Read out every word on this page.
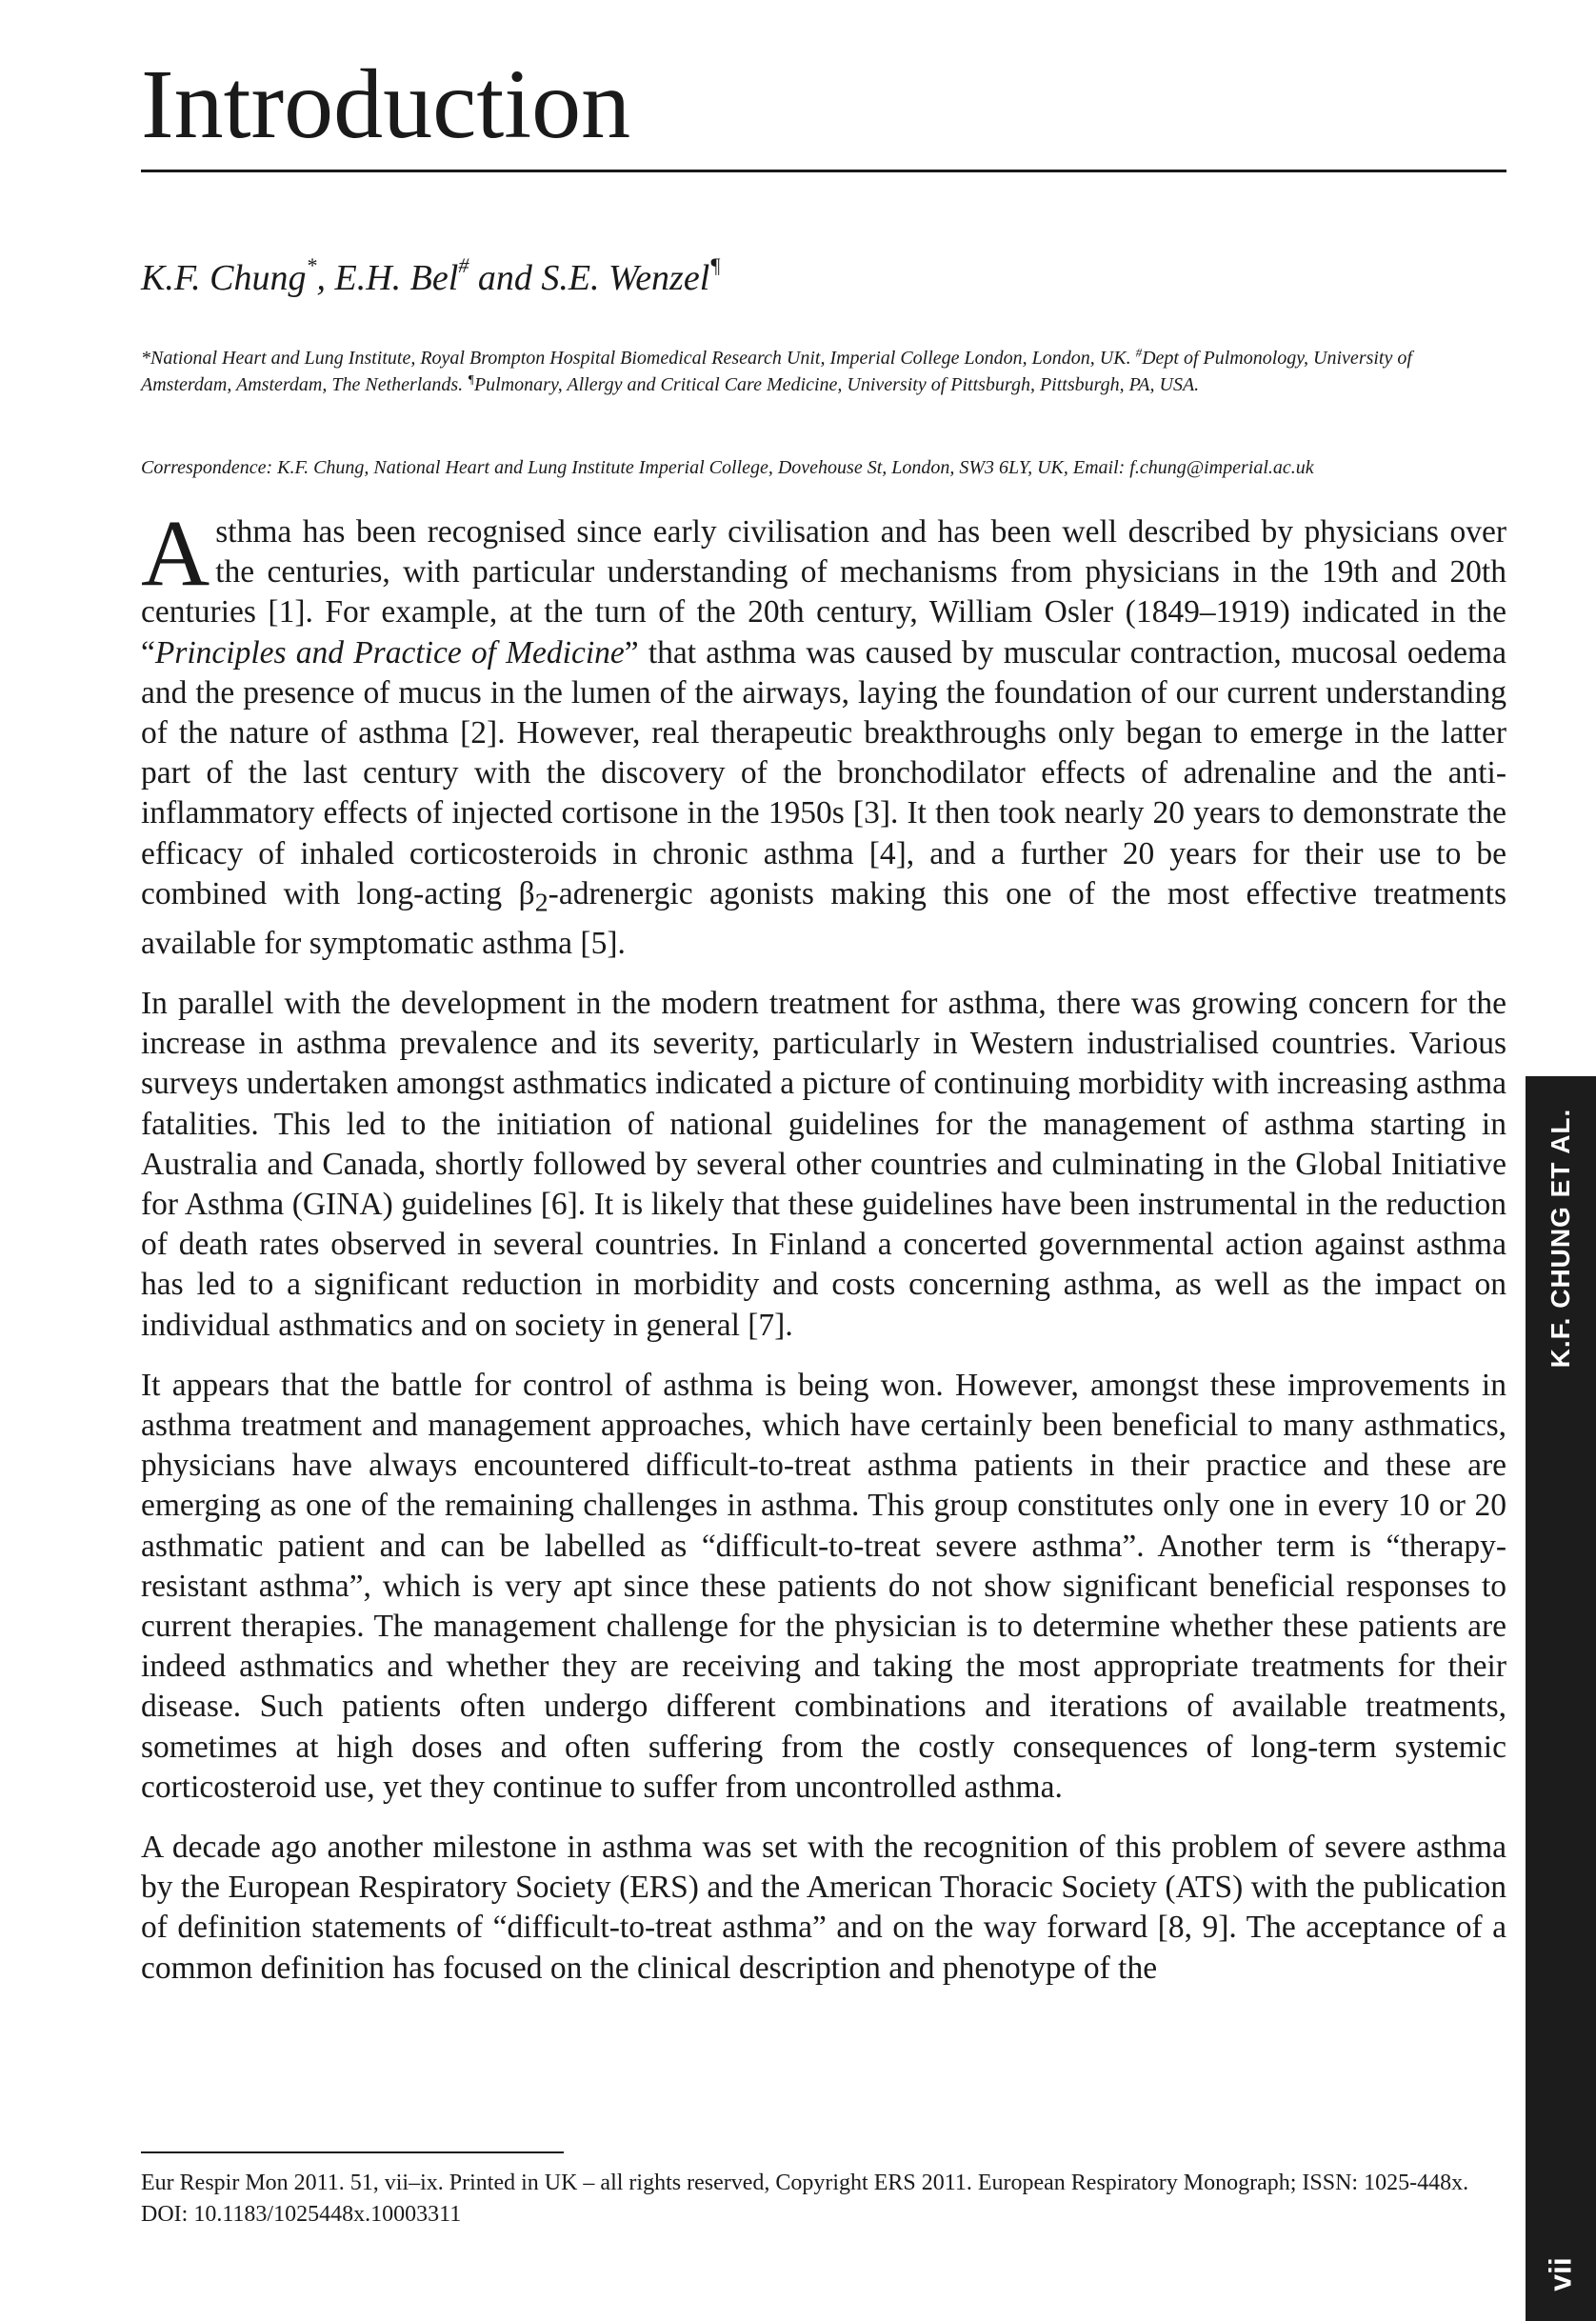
Introduction
K.F. Chung*, E.H. Bel# and S.E. Wenzel¶
*National Heart and Lung Institute, Royal Brompton Hospital Biomedical Research Unit, Imperial College London, London, UK. #Dept of Pulmonology, University of Amsterdam, Amsterdam, The Netherlands. ¶Pulmonary, Allergy and Critical Care Medicine, University of Pittsburgh, Pittsburgh, PA, USA.
Correspondence: K.F. Chung, National Heart and Lung Institute Imperial College, Dovehouse St, London, SW3 6LY, UK, Email: f.chung@imperial.ac.uk

Asthma has been recognised since early civilisation and has been well described by physicians over the centuries, with particular understanding of mechanisms from physicians in the 19th and 20th centuries [1]. For example, at the turn of the 20th century, William Osler (1849–1919) indicated in the “Principles and Practice of Medicine” that asthma was caused by muscular contraction, mucosal oedema and the presence of mucus in the lumen of the airways, laying the foundation of our current understanding of the nature of asthma [2]. However, real therapeutic breakthroughs only began to emerge in the latter part of the last century with the discovery of the bronchodilator effects of adrenaline and the anti-inflammatory effects of injected cortisone in the 1950s [3]. It then took nearly 20 years to demonstrate the efficacy of inhaled corticosteroids in chronic asthma [4], and a further 20 years for their use to be combined with long-acting $\beta_2$-adrenergic agonists making this one of the most effective treatments available for symptomatic asthma [5].

In parallel with the development in the modern treatment for asthma, there was growing concern for the increase in asthma prevalence and its severity, particularly in Western industrialised countries. Various surveys undertaken amongst asthmatics indicated a picture of continuing morbidity with increasing asthma fatalities. This led to the initiation of national guidelines for the management of asthma starting in Australia and Canada, shortly followed by several other countries and culminating in the Global Initiative for Asthma (GINA) guidelines [6]. It is likely that these guidelines have been instrumental in the reduction of death rates observed in several countries. In Finland a concerted governmental action against asthma has led to a significant reduction in morbidity and costs concerning asthma, as well as the impact on individual asthmatics and on society in general [7].

It appears that the battle for control of asthma is being won. However, amongst these improvements in asthma treatment and management approaches, which have certainly been beneficial to many asthmatics, physicians have always encountered difficult-to-treat asthma patients in their practice and these are emerging as one of the remaining challenges in asthma. This group constitutes only one in every 10 or 20 asthmatic patient and can be labelled as “difficult-to-treat severe asthma”. Another term is “therapy-resistant asthma”, which is very apt since these patients do not show significant beneficial responses to current therapies. The management challenge for the physician is to determine whether these patients are indeed asthmatics and whether they are receiving and taking the most appropriate treatments for their disease. Such patients often undergo different combinations and iterations of available treatments, sometimes at high doses and often suffering from the costly consequences of long-term systemic corticosteroid use, yet they continue to suffer from uncontrolled asthma.

A decade ago another milestone in asthma was set with the recognition of this problem of severe asthma by the European Respiratory Society (ERS) and the American Thoracic Society (ATS) with the publication of definition statements of “difficult-to-treat asthma” and on the way forward [8, 9]. The acceptance of a common definition has focused on the clinical description and phenotype of the

Eur Respir Mon 2011. 51, vii–ix. Printed in UK – all rights reserved, Copyright ERS 2011. European Respiratory Monograph; ISSN: 1025-448x. DOI: 10.1183/1025448x.10003311
K.F. CHUNG ET AL.
vii
